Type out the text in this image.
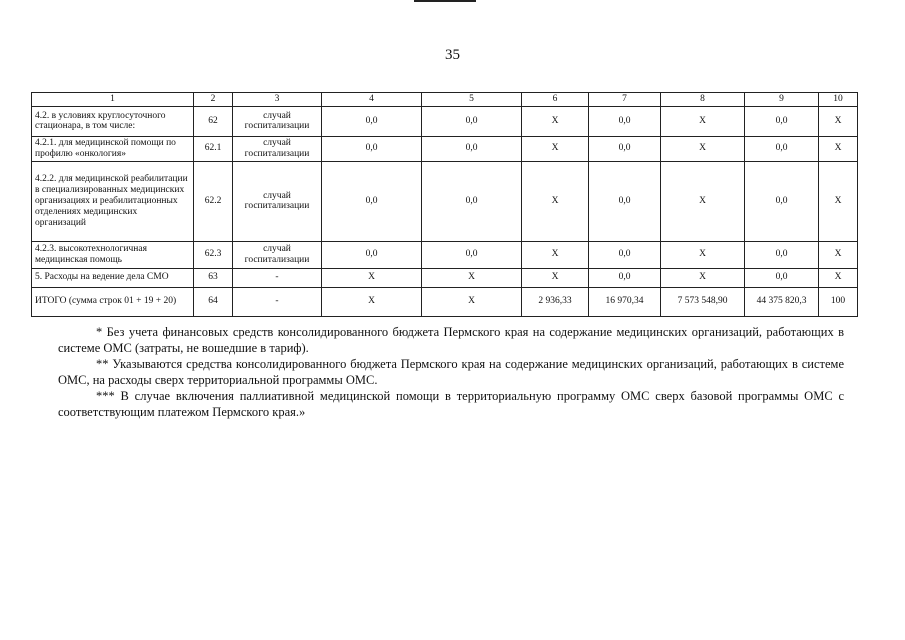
35
1	2	3	4	5	6	7	8	9	10
4.2. в условиях круглосуточного стационара, в том числе:	62	случай госпитализации	0,0	0,0	X	0,0	X	0,0	X
4.2.1. для медицинской помощи по профилю «онкология»	62.1	случай госпитализации	0,0	0,0	X	0,0	X	0,0	X
4.2.2. для медицинской реабилитации в специализированных медицинских организациях и реабилитационных отделениях медицинских организаций	62.2	случай госпитализации	0,0	0,0	X	0,0	X	0,0	X
4.2.3. высокотехнологичная медицинская помощь	62.3	случай госпитализации	0,0	0,0	X	0,0	X	0,0	X
5. Расходы на ведение дела СМО	63	-	X	X	X	0,0	X	0,0	X
ИТОГО (сумма строк 01 + 19 + 20)	64	-	X	X	2 936,33	16 970,34	7 573 548,90	44 375 820,3	100

* Без учета финансовых средств консолидированного бюджета Пермского края на содержание медицинских организаций, работающих в системе ОМС (затраты, не вошедшие в тариф).

** Указываются средства консолидированного бюджета Пермского края на содержание медицинских организаций, работающих в системе ОМС, на расходы сверх территориальной программы ОМС.

*** В случае включения паллиативной медицинской помощи в территориальную программу ОМС сверх базовой программы ОМС с соответствующим платежом Пермского края.»
